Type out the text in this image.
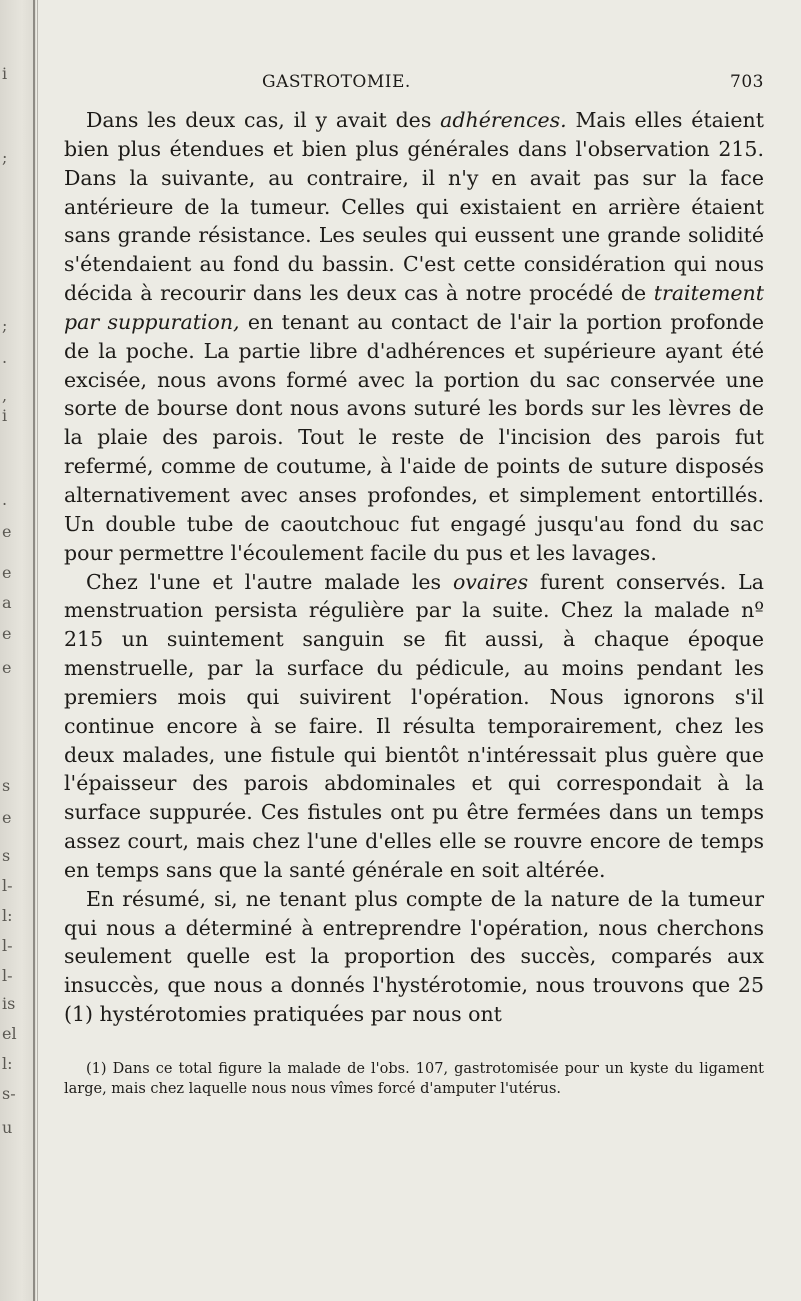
i
;
;
.
,
i
.
e
e
a
e
e
s
e
s
l-
l:
l-
l-
is
el
l:
s-
u
GASTROTOMIE.	703

Dans les deux cas, il y avait des adhérences. Mais elles étaient bien plus étendues et bien plus générales dans l'observation 215. Dans la suivante, au contraire, il n'y en avait pas sur la face antérieure de la tumeur. Celles qui existaient en arrière étaient sans grande résistance. Les seules qui eussent une grande solidité s'étendaient au fond du bassin. C'est cette considération qui nous décida à recourir dans les deux cas à notre procédé de traitement par suppuration, en tenant au contact de l'air la portion profonde de la poche. La partie libre d'adhérences et supérieure ayant été excisée, nous avons formé avec la portion du sac conservée une sorte de bourse dont nous avons suturé les bords sur les lèvres de la plaie des parois. Tout le reste de l'incision des parois fut refermé, comme de coutume, à l'aide de points de suture disposés alternativement avec anses profondes, et simplement entortillés. Un double tube de caoutchouc fut engagé jusqu'au fond du sac pour permettre l'écoulement facile du pus et les lavages.

Chez l'une et l'autre malade les ovaires furent conservés. La menstruation persista régulière par la suite. Chez la malade nº 215 un suintement sanguin se fit aussi, à chaque époque menstruelle, par la surface du pédicule, au moins pendant les premiers mois qui suivirent l'opération. Nous ignorons s'il continue encore à se faire. Il résulta temporairement, chez les deux malades, une fistule qui bientôt n'intéressait plus guère que l'épaisseur des parois abdominales et qui correspondait à la surface suppurée. Ces fistules ont pu être fermées dans un temps assez court, mais chez l'une d'elles elle se rouvre encore de temps en temps sans que la santé générale en soit altérée.

En résumé, si, ne tenant plus compte de la nature de la tumeur qui nous a déterminé à entreprendre l'opération, nous cherchons seulement quelle est la proportion des succès, comparés aux insuccès, que nous a donnés l'hystérotomie, nous trouvons que 25 (1) hystérotomies pratiquées par nous ont

(1) Dans ce total figure la malade de l'obs. 107, gastrotomisée pour un kyste du ligament large, mais chez laquelle nous nous vîmes forcé d'amputer l'utérus.
